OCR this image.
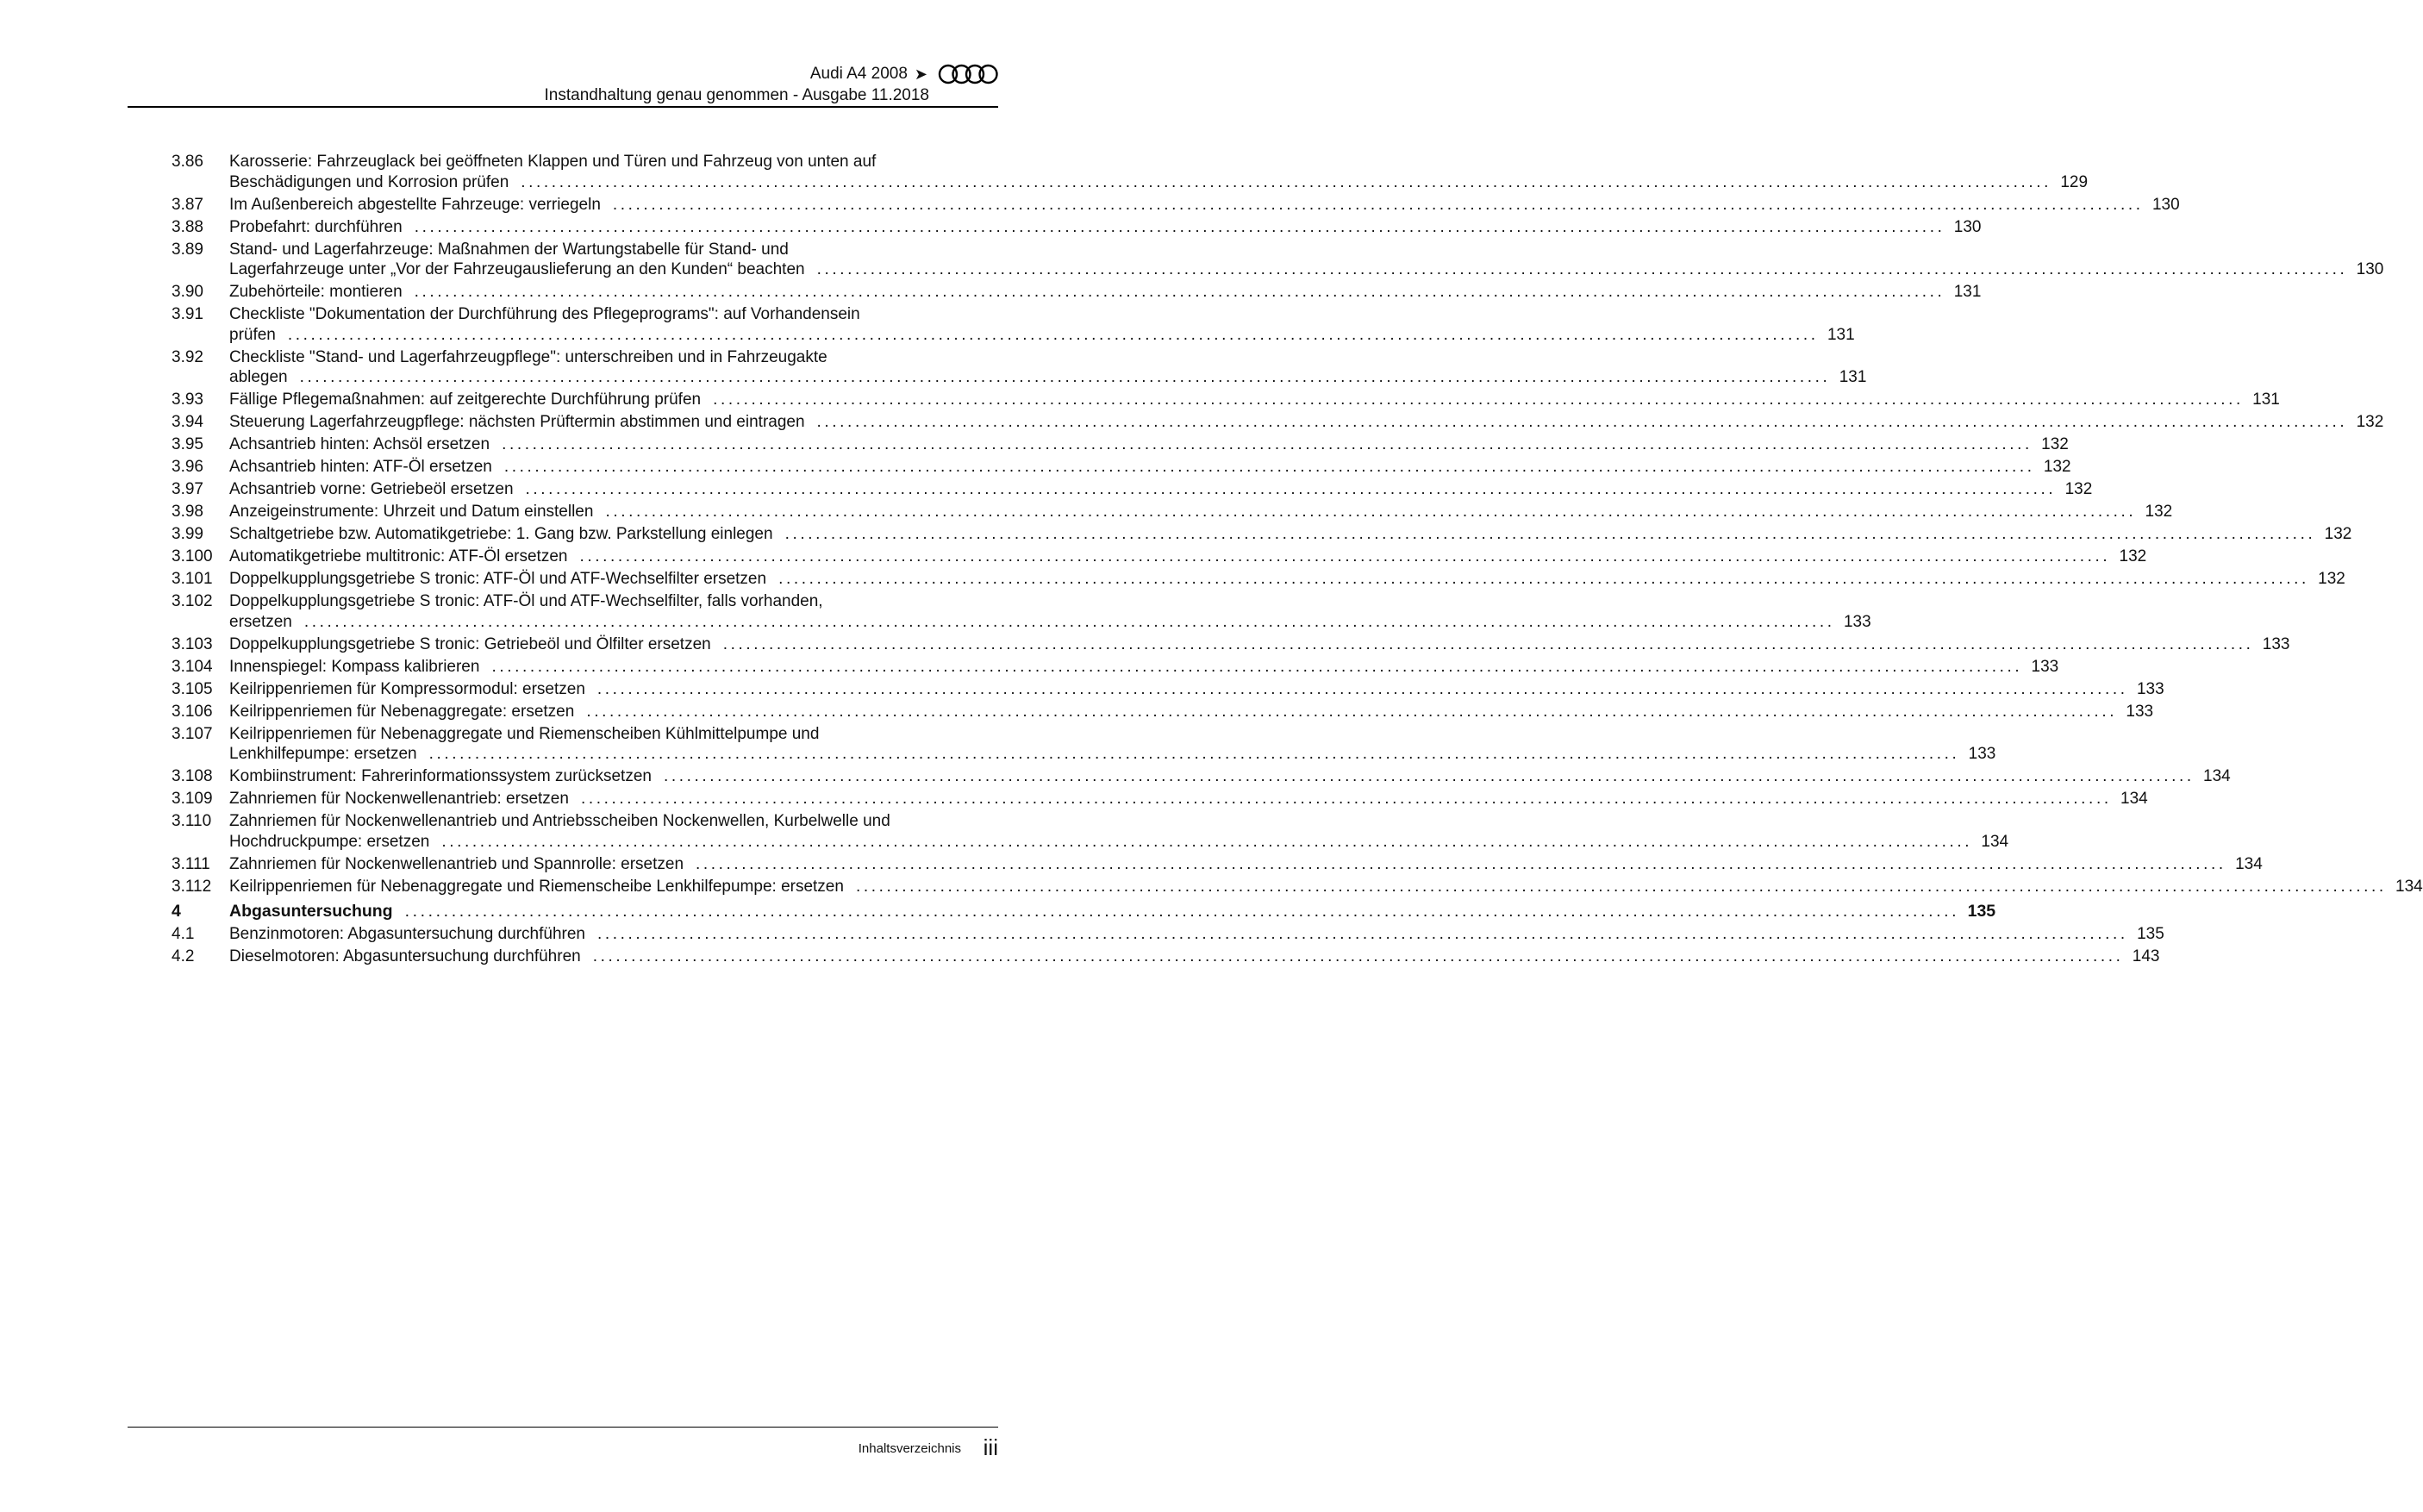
Audi A4 2008 ➤
Instandhaltung genau genommen - Ausgabe 11.2018
3.86	Karosserie: Fahrzeuglack bei geöffneten Klappen und Türen und Fahrzeug von unten auf
Beschädigungen und Korrosion prüfen ........................................................................................................................................................................................................ 129
3.87	Im Außenbereich abgestellte Fahrzeuge: verriegeln ........................................................................................................................................................................................................ 130
3.88	Probefahrt: durchführen ........................................................................................................................................................................................................ 130
3.89	Stand- und Lagerfahrzeuge: Maßnahmen der Wartungstabelle für Stand- und
Lagerfahrzeuge unter „Vor der Fahrzeugauslieferung an den Kunden“ beachten ........................................................................................................................................................................................................ 130
3.90	Zubehörteile: montieren ........................................................................................................................................................................................................ 131
3.91	Checkliste "Dokumentation der Durchführung des Pflegeprograms": auf Vorhandensein
prüfen ........................................................................................................................................................................................................ 131
3.92	Checkliste "Stand- und Lagerfahrzeugpflege": unterschreiben und in Fahrzeugakte
ablegen ........................................................................................................................................................................................................ 131
3.93	Fällige Pflegemaßnahmen: auf zeitgerechte Durchführung prüfen ........................................................................................................................................................................................................ 131
3.94	Steuerung Lagerfahrzeugpflege: nächsten Prüftermin abstimmen und eintragen ........................................................................................................................................................................................................ 132
3.95	Achsantrieb hinten: Achsöl ersetzen ........................................................................................................................................................................................................ 132
3.96	Achsantrieb hinten: ATF-Öl ersetzen ........................................................................................................................................................................................................ 132
3.97	Achsantrieb vorne: Getriebeöl ersetzen ........................................................................................................................................................................................................ 132
3.98	Anzeigeinstrumente: Uhrzeit und Datum einstellen ........................................................................................................................................................................................................ 132
3.99	Schaltgetriebe bzw. Automatikgetriebe: 1. Gang bzw. Parkstellung einlegen ........................................................................................................................................................................................................ 132
3.100	Automatikgetriebe multitronic: ATF-Öl ersetzen ........................................................................................................................................................................................................ 132
3.101	Doppelkupplungsgetriebe S tronic: ATF-Öl und ATF-Wechselfilter ersetzen ........................................................................................................................................................................................................ 132
3.102	Doppelkupplungsgetriebe S tronic: ATF-Öl und ATF-Wechselfilter, falls vorhanden,
ersetzen ........................................................................................................................................................................................................ 133
3.103	Doppelkupplungsgetriebe S tronic: Getriebeöl und Ölfilter ersetzen ........................................................................................................................................................................................................ 133
3.104	Innenspiegel: Kompass kalibrieren ........................................................................................................................................................................................................ 133
3.105	Keilrippenriemen für Kompressormodul: ersetzen ........................................................................................................................................................................................................ 133
3.106	Keilrippenriemen für Nebenaggregate: ersetzen ........................................................................................................................................................................................................ 133
3.107	Keilrippenriemen für Nebenaggregate und Riemenscheiben Kühlmittelpumpe und
Lenkhilfepumpe: ersetzen ........................................................................................................................................................................................................ 133
3.108	Kombiinstrument: Fahrerinformationssystem zurücksetzen ........................................................................................................................................................................................................ 134
3.109	Zahnriemen für Nockenwellenantrieb: ersetzen ........................................................................................................................................................................................................ 134
3.110	Zahnriemen für Nockenwellenantrieb und Antriebsscheiben Nockenwellen, Kurbelwelle und
Hochdruckpumpe: ersetzen ........................................................................................................................................................................................................ 134
3.111	Zahnriemen für Nockenwellenantrieb und Spannrolle: ersetzen ........................................................................................................................................................................................................ 134
3.112	Keilrippenriemen für Nebenaggregate und Riemenscheibe Lenkhilfepumpe: ersetzen ........................................................................................................................................................................................................ 134
4	Abgasuntersuchung ........................................................................................................................................................................................................ 135
4.1	Benzinmotoren: Abgasuntersuchung durchführen ........................................................................................................................................................................................................ 135
4.2	Dieselmotoren: Abgasuntersuchung durchführen ........................................................................................................................................................................................................ 143
Inhaltsverzeichnis iii
